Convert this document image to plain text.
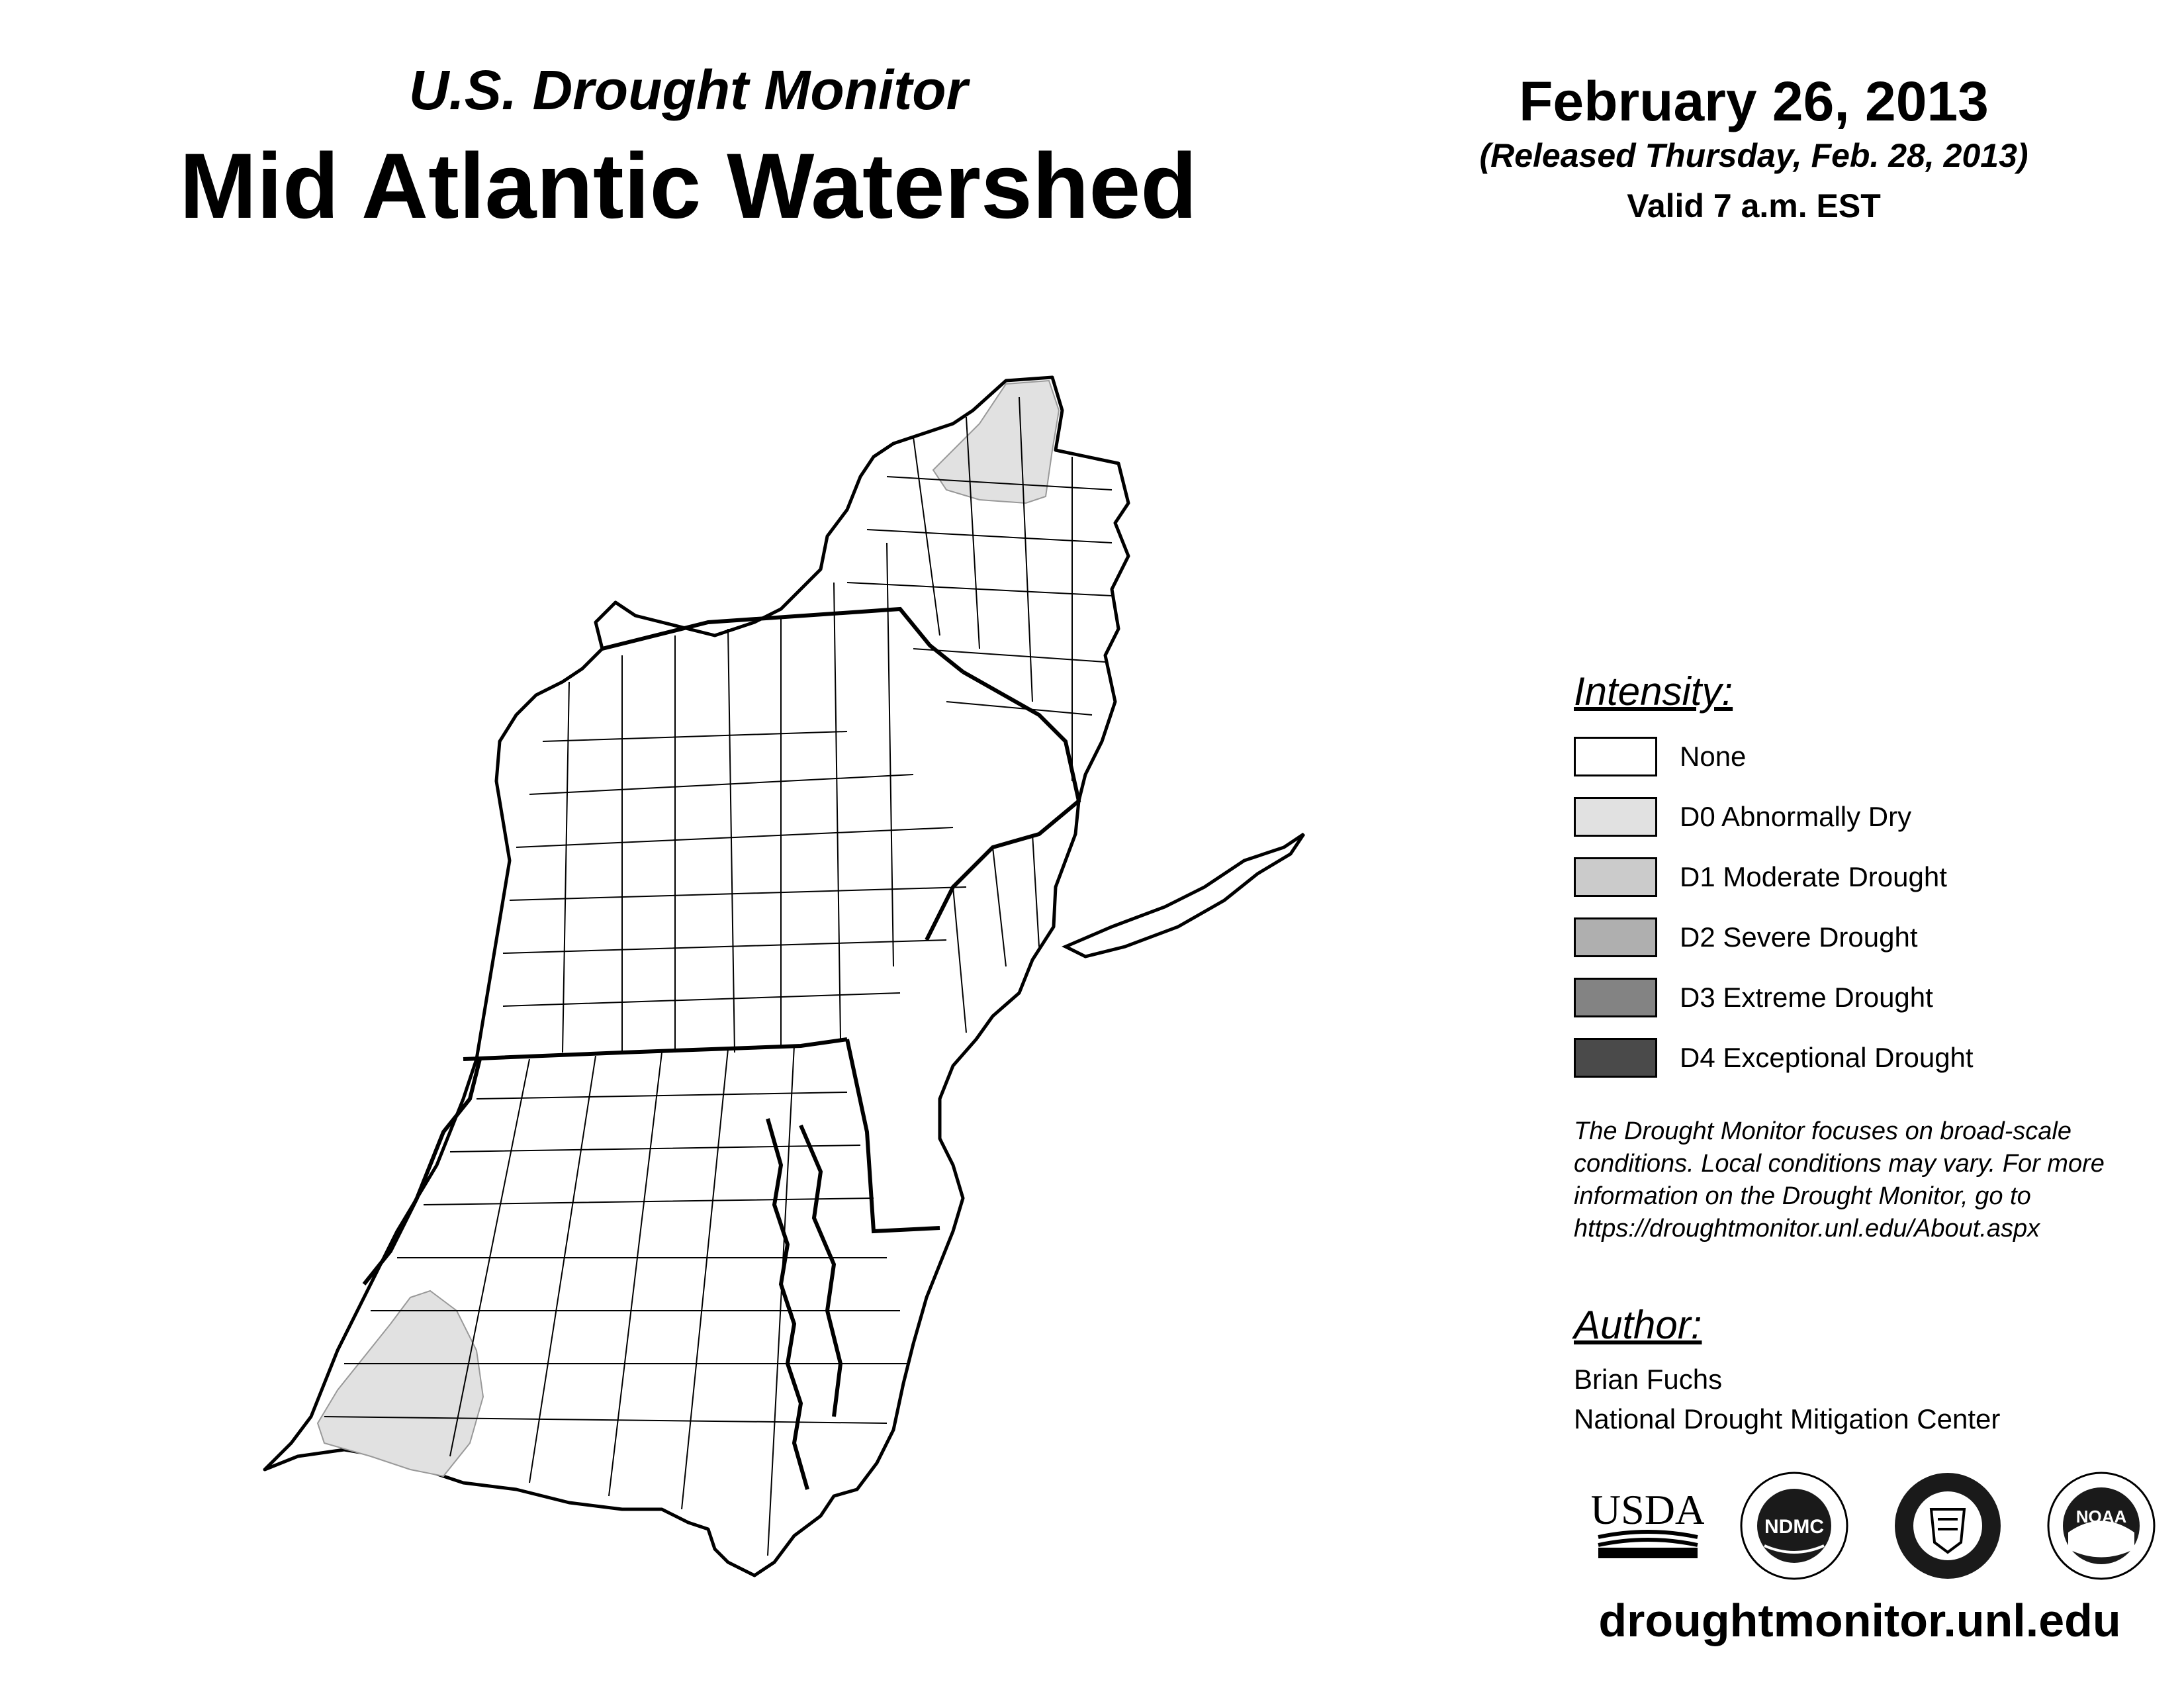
U.S. Drought Monitor
Mid Atlantic Watershed
February 26, 2013
(Released Thursday, Feb. 28, 2013)
Valid 7 a.m. EST
Intensity:
None
D0 Abnormally Dry
D1 Moderate Drought
D2 Severe Drought
D3 Extreme Drought
D4 Exceptional Drought
The Drought Monitor focuses on broad-scale
conditions. Local conditions may vary. For more
information on the Drought Monitor, go to
https://droughtmonitor.unl.edu/About.aspx
Author:
Brian Fuchs
National Drought Mitigation Center
USDA	NDMC	NOAA
droughtmonitor.unl.edu
